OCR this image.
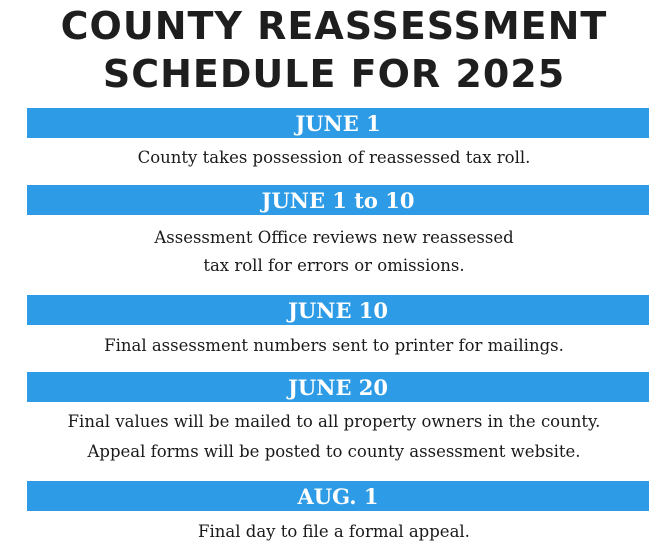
COUNTY REASSESSMENT
SCHEDULE FOR 2025
JUNE 1
County takes possession of reassessed tax roll.
JUNE 1 to 10
Assessment Office reviews new reassessed
tax roll for errors or omissions.
JUNE 10
Final assessment numbers sent to printer for mailings.
JUNE 20
Final values will be mailed to all property owners in the county.
Appeal forms will be posted to county assessment website.
AUG. 1
Final day to file a formal appeal.
